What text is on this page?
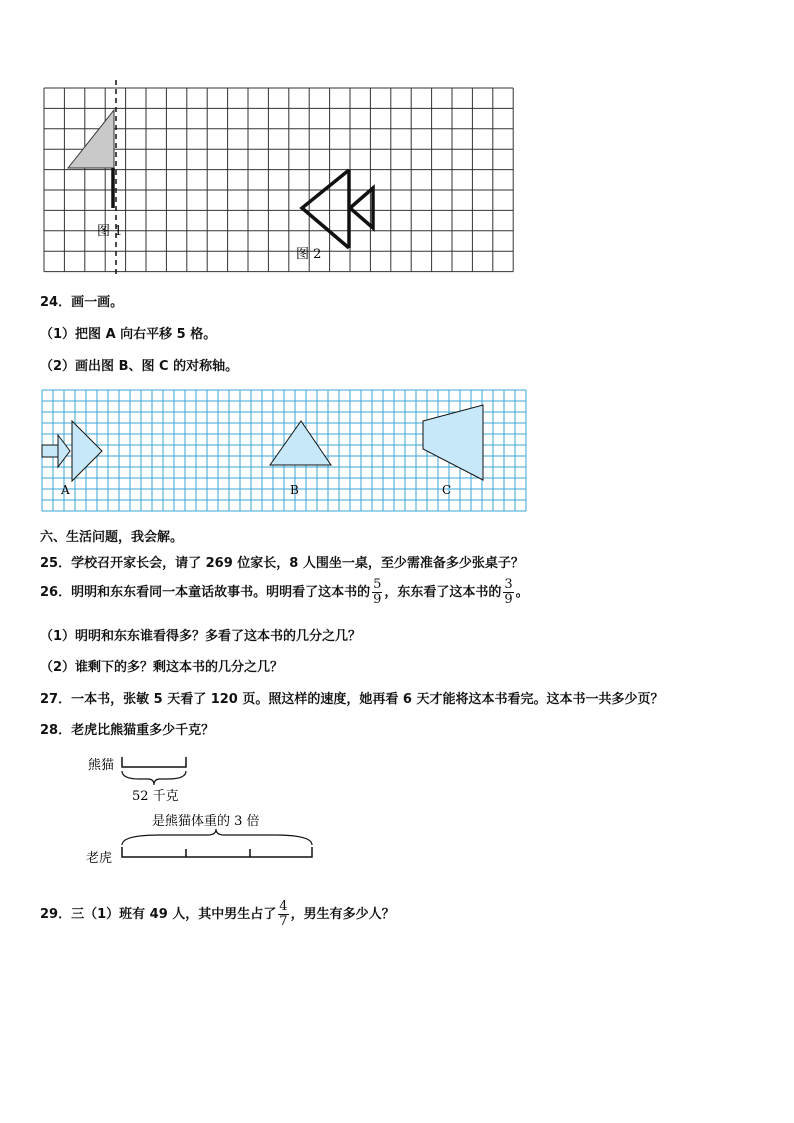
图 1
图 2
24．画一画。
（1）把图 A 向右平移 5 格。
（2）画出图 B、图 C 的对称轴。
A	B	C
六、生活问题，我会解。
25．学校召开家长会，请了 269 位家长，8 人围坐一桌，至少需准备多少张桌子？
26．明明和东东看同一本童话故事书。明明看了这本书的 $\frac{5}{9}$ ，东东看了这本书的 $\frac{3}{9}$ 。
（1）明明和东东谁看得多？多看了这本书的几分之几？
（2）谁剩下的多？剩这本书的几分之几？
27．一本书，张敏 5 天看了 120 页。照这样的速度，她再看 6 天才能将这本书看完。这本书一共多少页？
28．老虎比熊猫重多少千克？
熊猫
52 千克
是熊猫体重的 3 倍
老虎
29．三（1）班有 49 人，其中男生占了 $\frac{4}{7}$ ，男生有多少人？
